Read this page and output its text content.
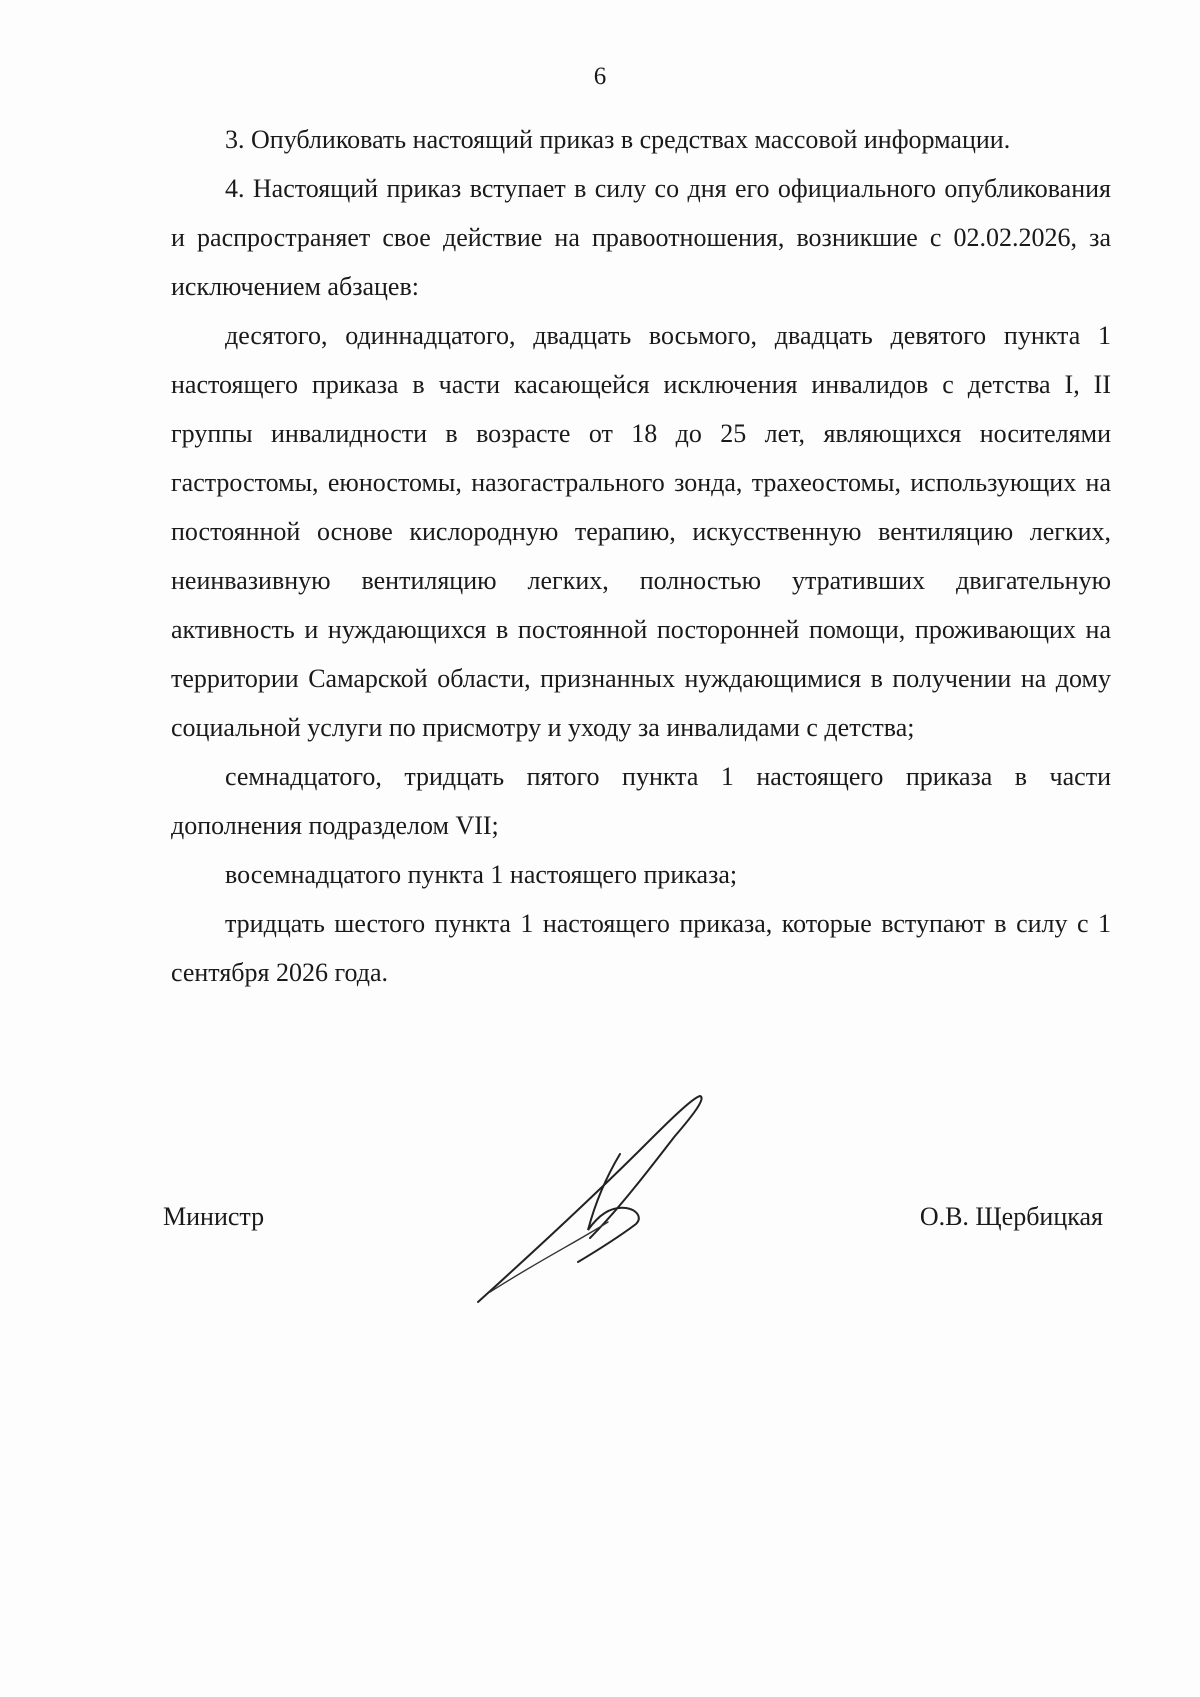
6

3. Опубликовать настоящий приказ в средствах массовой информации.

4. Настоящий приказ вступает в силу со дня его официального опубликования и распространяет свое действие на правоотношения, возникшие с 02.02.2026, за исключением абзацев:

десятого, одиннадцатого, двадцать восьмого, двадцать девятого пункта 1 настоящего приказа в части касающейся исключения инвалидов с детства I, II группы инвалидности в возрасте от 18 до 25 лет, являющихся носителями гастростомы, еюностомы, назогастрального зонда, трахеостомы, использующих на постоянной основе кислородную терапию, искусственную вентиляцию легких, неинвазивную вентиляцию легких, полностью утративших двигательную активность и нуждающихся в постоянной посторонней помощи, проживающих на территории Самарской области, признанных нуждающимися в получении на дому социальной услуги по присмотру и уходу за инвалидами с детства;

семнадцатого, тридцать пятого пункта 1 настоящего приказа в части дополнения подразделом VII;

восемнадцатого пункта 1 настоящего приказа;

тридцать шестого пункта 1 настоящего приказа, которые вступают в силу с 1 сентября 2026 года.

Министр	О.В. Щербицкая
